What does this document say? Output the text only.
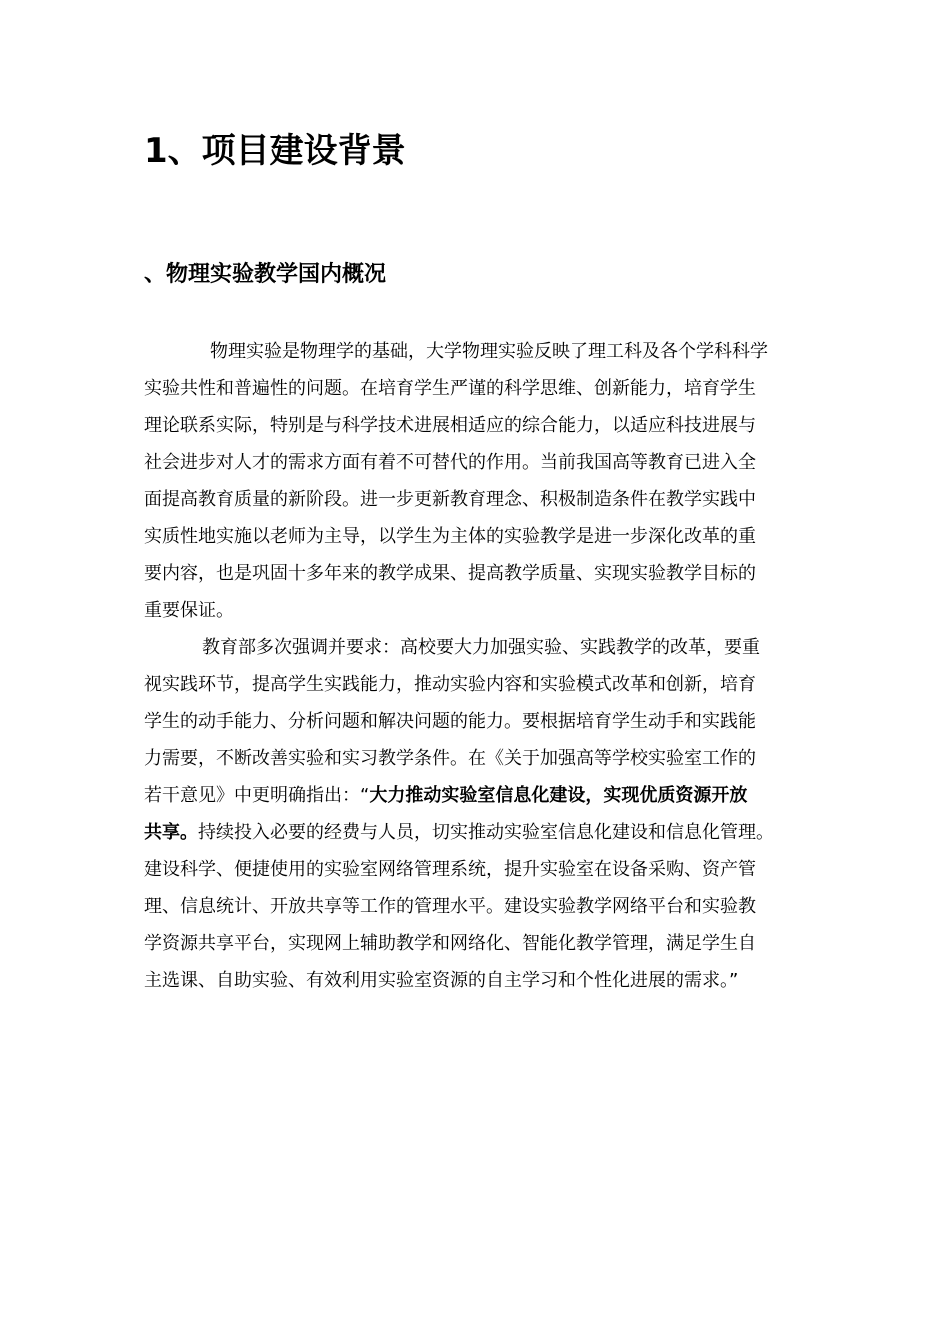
1、项目建设背景
、物理实验教学国内概况
物理实验是物理学的基础，大学物理实验反映了理工科及各个学科科学
实验共性和普遍性的问题。在培育学生严谨的科学思维、创新能力，培育学生
理论联系实际，特别是与科学技术进展相适应的综合能力，以适应科技进展与
社会进步对人才的需求方面有着不可替代的作用。当前我国高等教育已进入全
面提高教育质量的新阶段。进一步更新教育理念、积极制造条件在教学实践中
实质性地实施以老师为主导，以学生为主体的实验教学是进一步深化改革的重
要内容，也是巩固十多年来的教学成果、提高教学质量、实现实验教学目标的
重要保证。
教育部多次强调并要求：高校要大力加强实验、实践教学的改革，要重
视实践环节，提高学生实践能力，推动实验内容和实验模式改革和创新，培育
学生的动手能力、分析问题和解决问题的能力。要根据培育学生动手和实践能
力需要，不断改善实验和实习教学条件。在《关于加强高等学校实验室工作的
若干意见》中更明确指出：“大力推动实验室信息化建设，实现优质资源开放
共享。持续投入必要的经费与人员，切实推动实验室信息化建设和信息化管理。
建设科学、便捷使用的实验室网络管理系统，提升实验室在设备采购、资产管
理、信息统计、开放共享等工作的管理水平。建设实验教学网络平台和实验教
学资源共享平台，实现网上辅助教学和网络化、智能化教学管理，满足学生自
主选课、自助实验、有效利用实验室资源的自主学习和个性化进展的需求。”
